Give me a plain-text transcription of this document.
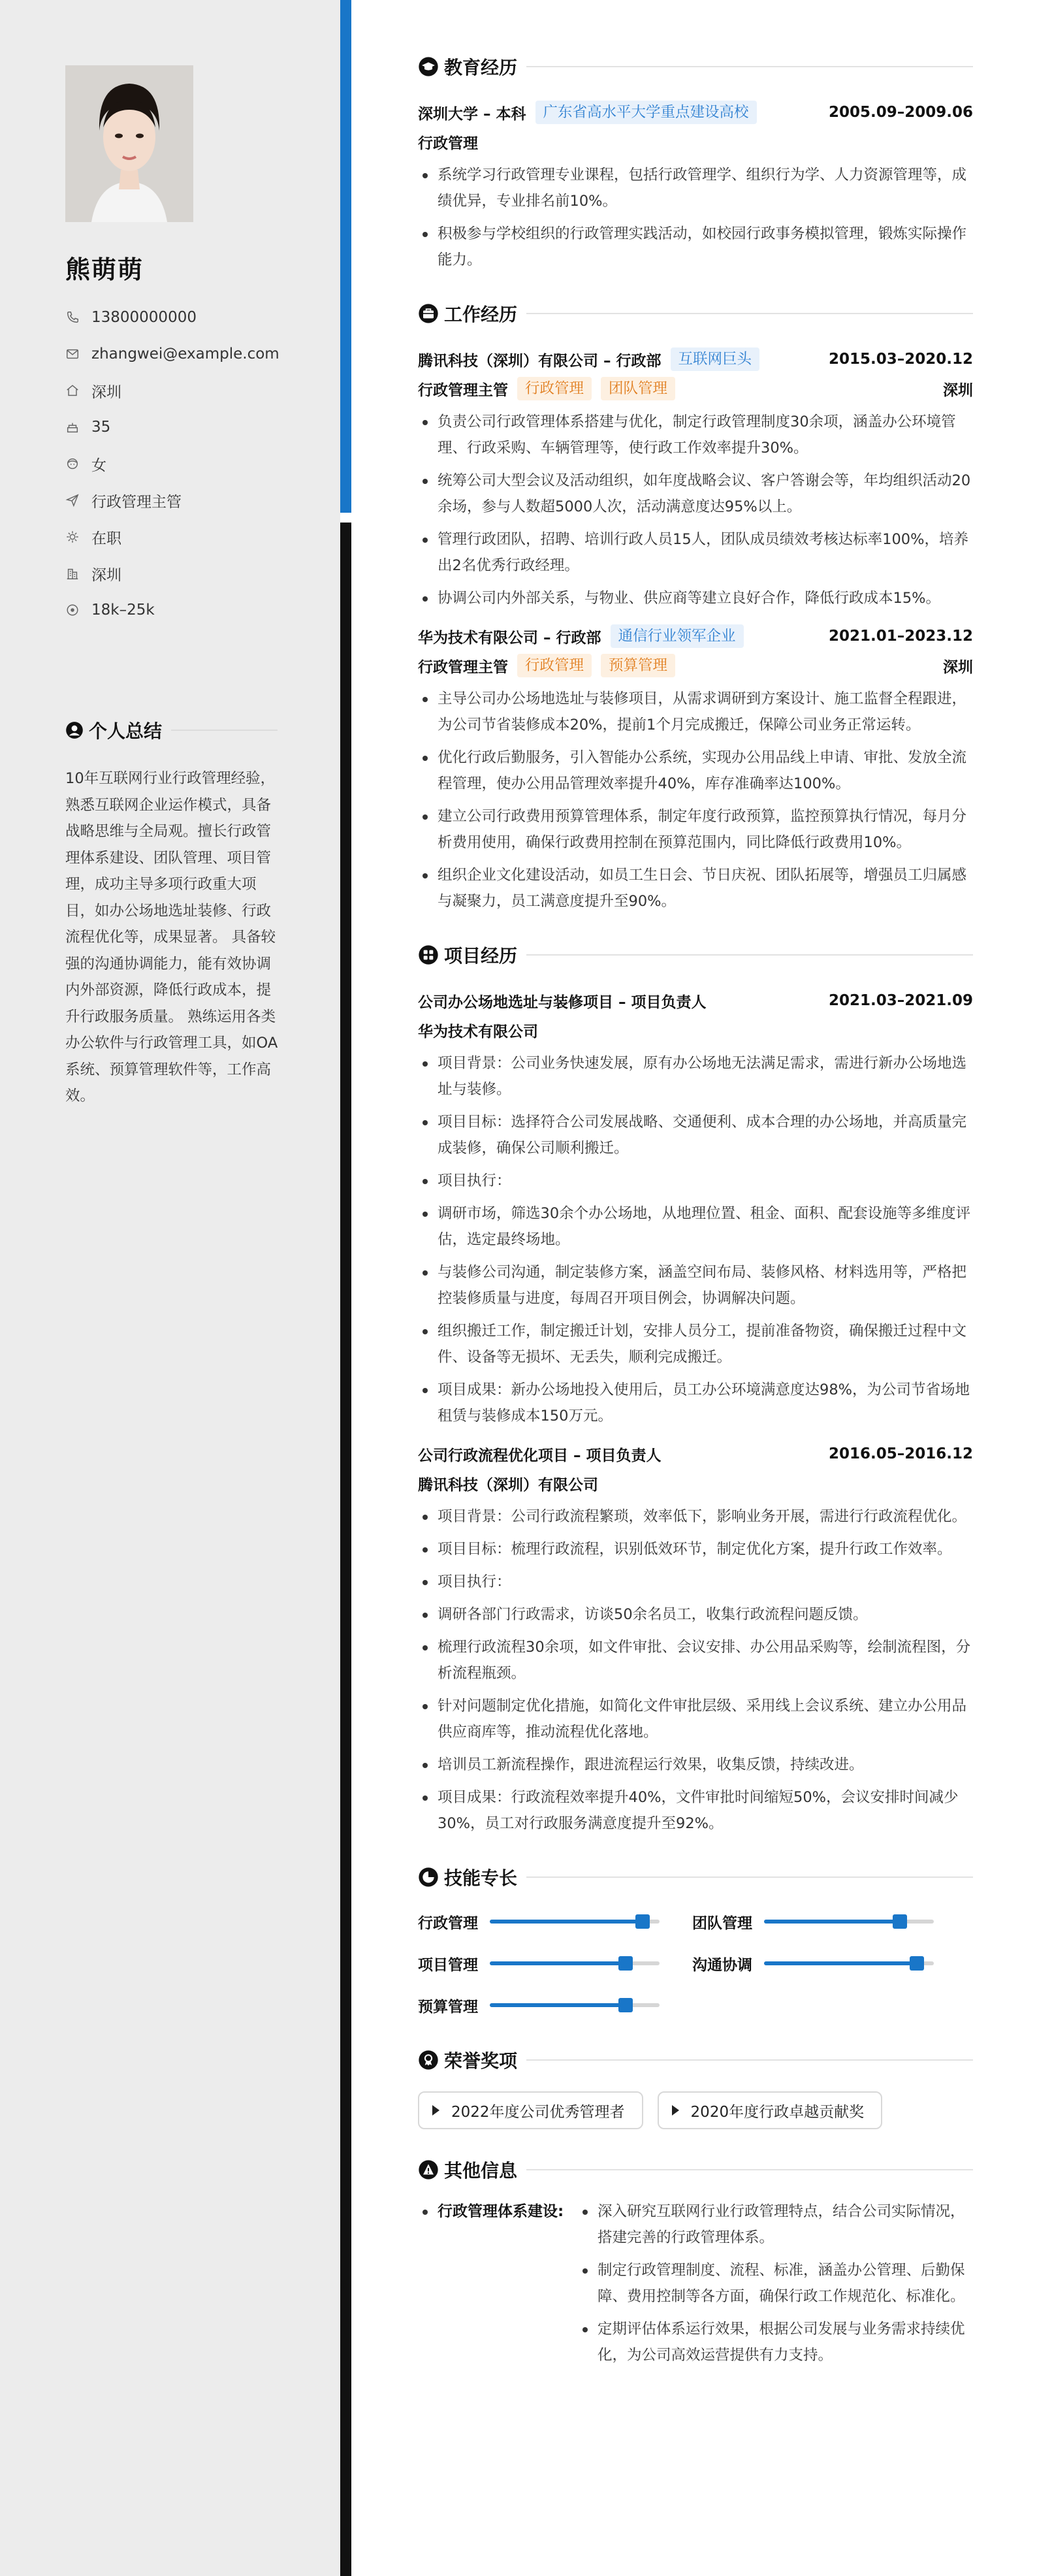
熊萌萌
13800000000
zhangwei@example.com
深圳
35
女
行政管理主管
在职
深圳
18k–25k
个人总结
10年互联网行业行政管理经验，熟悉互联网企业运作模式，具备战略思维与全局观。擅长行政管理体系建设、团队管理、项目管理，成功主导多项行政重大项目，如办公场地选址装修、行政流程优化等，成果显著。 具备较强的沟通协调能力，能有效协调内外部资源，降低行政成本，提升行政服务质量。 熟练运用各类办公软件与行政管理工具，如OA系统、预算管理软件等，工作高效。
教育经历
深圳大学 – 本科	广东省高水平大学重点建设高校	2005.09–2009.06
行政管理
系统学习行政管理专业课程，包括行政管理学、组织行为学、人力资源管理等，成绩优异，专业排名前10%。
积极参与学校组织的行政管理实践活动，如校园行政事务模拟管理，锻炼实际操作能力。
工作经历
腾讯科技（深圳）有限公司 – 行政部	互联网巨头	2015.03–2020.12
行政管理主管	行政管理	团队管理	深圳
负责公司行政管理体系搭建与优化，制定行政管理制度30余项，涵盖办公环境管理、行政采购、车辆管理等，使行政工作效率提升30%。
统筹公司大型会议及活动组织，如年度战略会议、客户答谢会等，年均组织活动20余场，参与人数超5000人次，活动满意度达95%以上。
管理行政团队，招聘、培训行政人员15人，团队成员绩效考核达标率100%，培养出2名优秀行政经理。
协调公司内外部关系，与物业、供应商等建立良好合作，降低行政成本15%。
华为技术有限公司 – 行政部	通信行业领军企业	2021.01–2023.12
行政管理主管	行政管理	预算管理	深圳
主导公司办公场地选址与装修项目，从需求调研到方案设计、施工监督全程跟进，为公司节省装修成本20%，提前1个月完成搬迁，保障公司业务正常运转。
优化行政后勤服务，引入智能办公系统，实现办公用品线上申请、审批、发放全流程管理，使办公用品管理效率提升40%，库存准确率达100%。
建立公司行政费用预算管理体系，制定年度行政预算，监控预算执行情况，每月分析费用使用，确保行政费用控制在预算范围内，同比降低行政费用10%。
组织企业文化建设活动，如员工生日会、节日庆祝、团队拓展等，增强员工归属感与凝聚力，员工满意度提升至90%。
项目经历
公司办公场地选址与装修项目 – 项目负责人	2021.03–2021.09
华为技术有限公司
项目背景：公司业务快速发展，原有办公场地无法满足需求，需进行新办公场地选址与装修。
项目目标：选择符合公司发展战略、交通便利、成本合理的办公场地，并高质量完成装修，确保公司顺利搬迁。
项目执行：
调研市场，筛选30余个办公场地，从地理位置、租金、面积、配套设施等多维度评估，选定最终场地。
与装修公司沟通，制定装修方案，涵盖空间布局、装修风格、材料选用等，严格把控装修质量与进度，每周召开项目例会，协调解决问题。
组织搬迁工作，制定搬迁计划，安排人员分工，提前准备物资，确保搬迁过程中文件、设备等无损坏、无丢失，顺利完成搬迁。
项目成果：新办公场地投入使用后，员工办公环境满意度达98%，为公司节省场地租赁与装修成本150万元。
公司行政流程优化项目 – 项目负责人	2016.05–2016.12
腾讯科技（深圳）有限公司
项目背景：公司行政流程繁琐，效率低下，影响业务开展，需进行行政流程优化。
项目目标：梳理行政流程，识别低效环节，制定优化方案，提升行政工作效率。
项目执行：
调研各部门行政需求，访谈50余名员工，收集行政流程问题反馈。
梳理行政流程30余项，如文件审批、会议安排、办公用品采购等，绘制流程图，分析流程瓶颈。
针对问题制定优化措施，如简化文件审批层级、采用线上会议系统、建立办公用品供应商库等，推动流程优化落地。
培训员工新流程操作，跟进流程运行效果，收集反馈，持续改进。
项目成果：行政流程效率提升40%，文件审批时间缩短50%，会议安排时间减少30%，员工对行政服务满意度提升至92%。
技能专长
行政管理	团队管理
项目管理	沟通协调
预算管理
荣誉奖项
2022年度公司优秀管理者	2020年度行政卓越贡献奖
其他信息
行政管理体系建设:	深入研究互联网行业行政管理特点，结合公司实际情况，搭建完善的行政管理体系。
制定行政管理制度、流程、标准，涵盖办公管理、后勤保障、费用控制等各方面，确保行政工作规范化、标准化。
定期评估体系运行效果，根据公司发展与业务需求持续优化，为公司高效运营提供有力支持。
